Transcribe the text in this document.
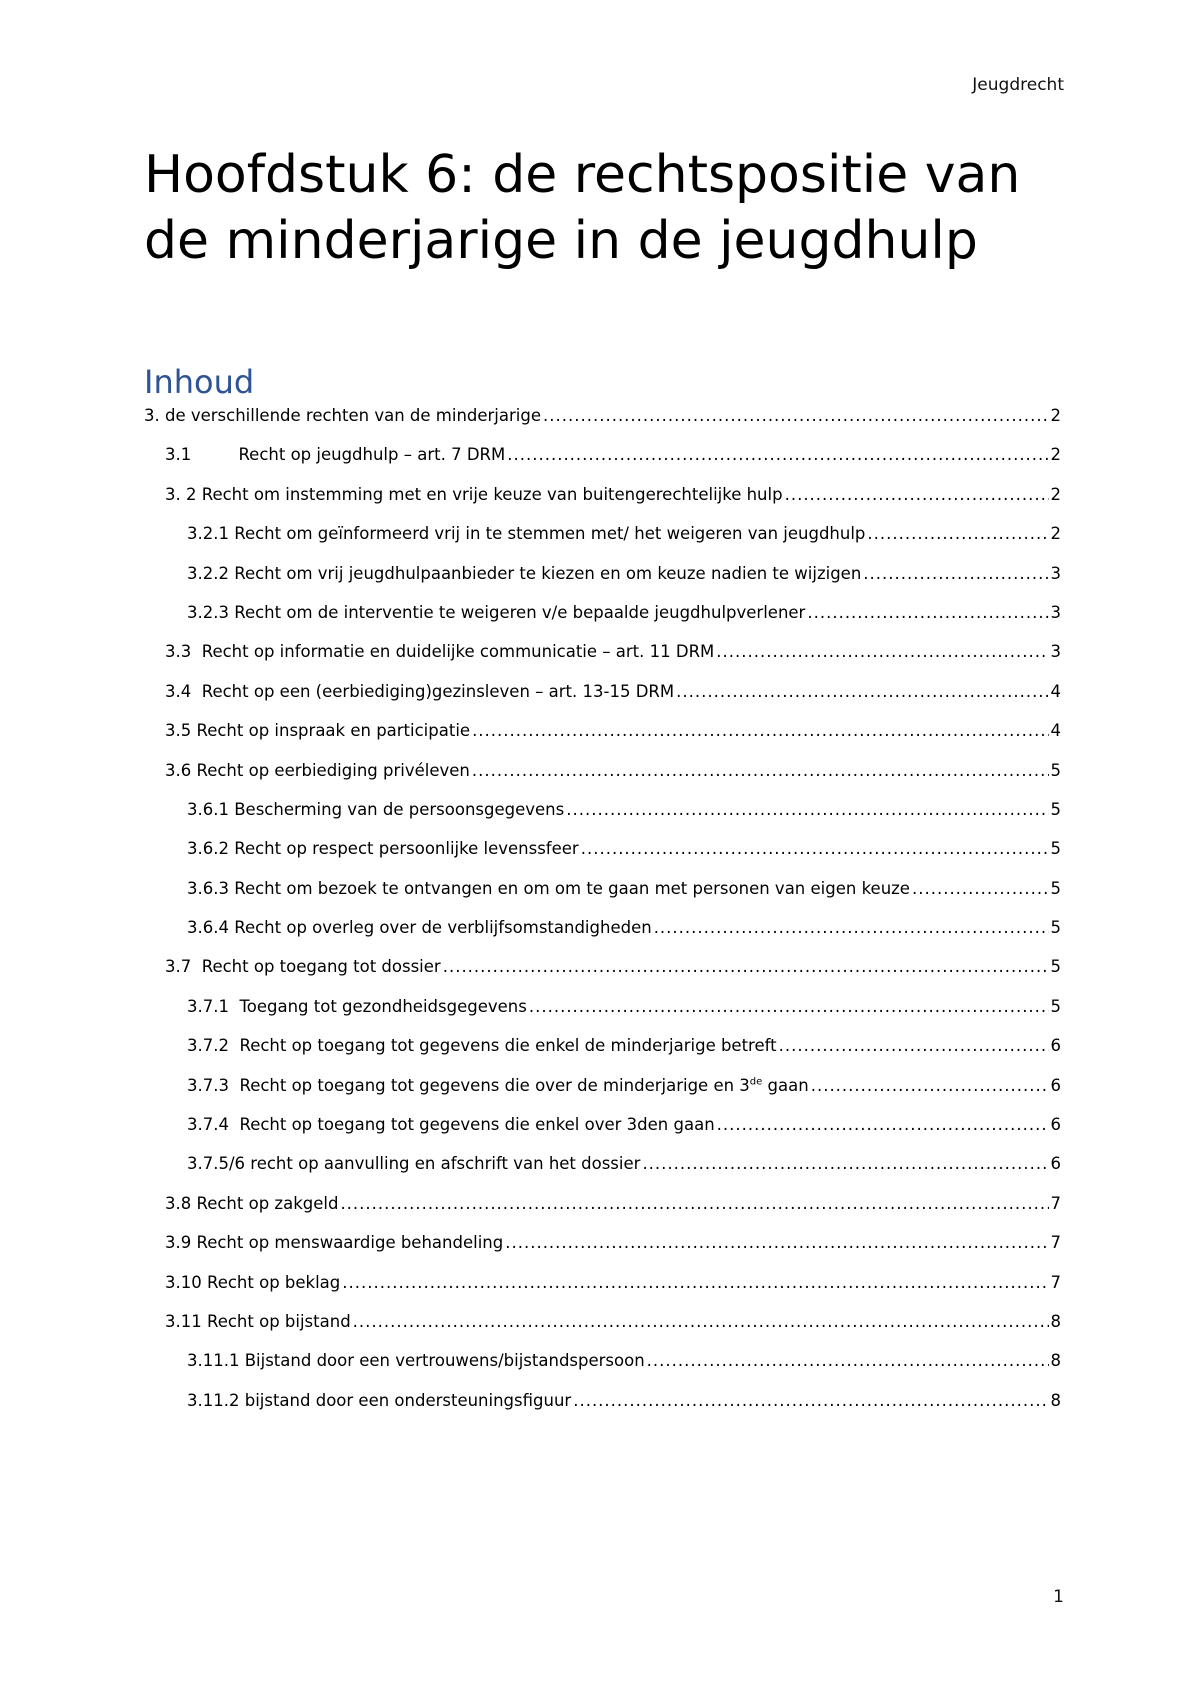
Jeugdrecht
Hoofdstuk 6: de rechtspositie van de minderjarige in de jeugdhulp
Inhoud
3. de verschillende rechten van de minderjarige .....	2
3.1         Recht op jeugdhulp – art. 7 DRM .....	2
3. 2 Recht om instemming met en vrije keuze van buitengerechtelijke hulp .....	2
3.2.1 Recht om geïnformeerd vrij in te stemmen met/ het weigeren van jeugdhulp .....	2
3.2.2 Recht om vrij jeugdhulpaanbieder te kiezen en om keuze nadien te wijzigen .....	3
3.2.3 Recht om de interventie te weigeren v/e bepaalde jeugdhulpverlener .....	3
3.3  Recht op informatie en duidelijke communicatie – art. 11 DRM .....	3
3.4  Recht op een (eerbiediging)gezinsleven – art. 13-15 DRM .....	4
3.5 Recht op inspraak en participatie .....	4
3.6 Recht op eerbiediging privéleven .....	5
3.6.1 Bescherming van de persoonsgegevens .....	5
3.6.2 Recht op respect persoonlijke levenssfeer .....	5
3.6.3 Recht om bezoek te ontvangen en om om te gaan met personen van eigen keuze .....	5
3.6.4 Recht op overleg over de verblijfsomstandigheden .....	5
3.7  Recht op toegang tot dossier .....	5
3.7.1  Toegang tot gezondheidsgegevens .....	5
3.7.2  Recht op toegang tot gegevens die enkel de minderjarige betreft .....	6
3.7.3  Recht op toegang tot gegevens die over de minderjarige en 3de gaan .....	6
3.7.4  Recht op toegang tot gegevens die enkel over 3den gaan .....	6
3.7.5/6 recht op aanvulling en afschrift van het dossier .....	6
3.8 Recht op zakgeld .....	7
3.9 Recht op menswaardige behandeling .....	7
3.10 Recht op beklag .....	7
3.11 Recht op bijstand .....	8
3.11.1 Bijstand door een vertrouwens/bijstandspersoon .....	8
3.11.2 bijstand door een ondersteuningsfiguur .....	8
1
